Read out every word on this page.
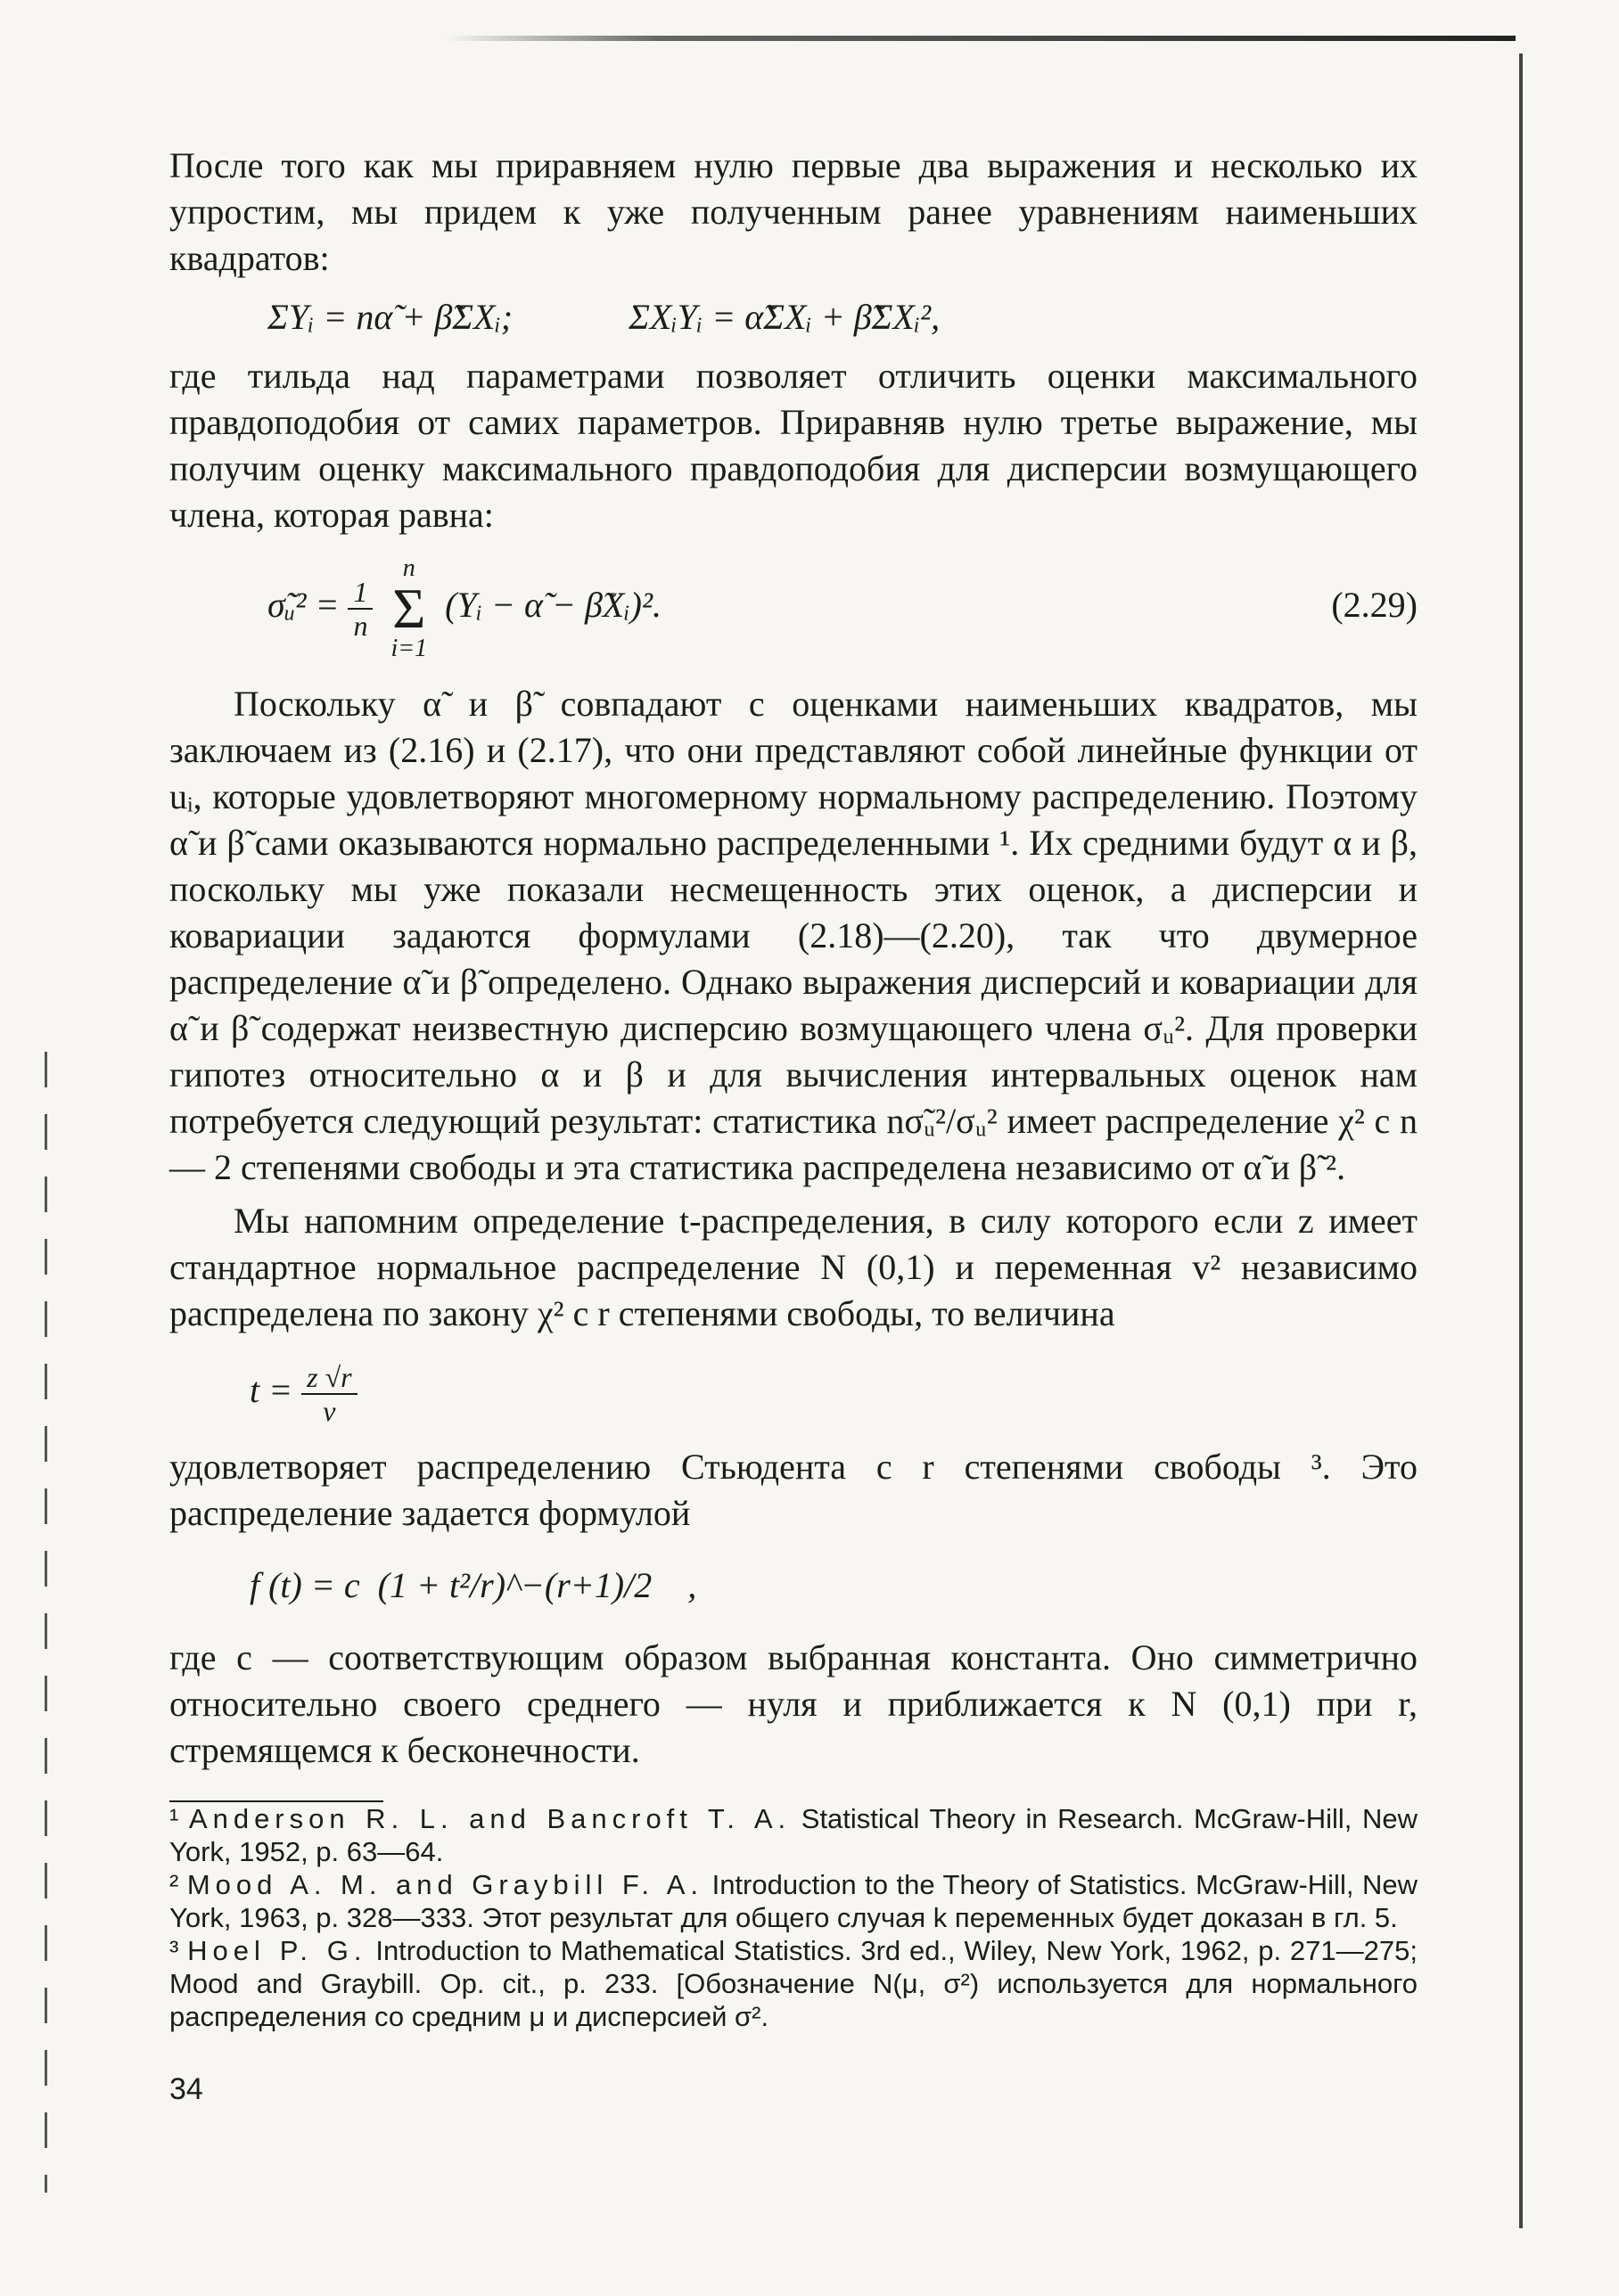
После того как мы приравняем нулю первые два выражения и несколько их упростим, мы придем к уже полученным ранее уравнениям наименьших квадратов:

ΣYᵢ = nα̃ + β̃ΣXᵢ;	ΣXᵢYᵢ = α̃ΣXᵢ + β̃ΣXᵢ²,

где тильда над параметрами позволяет отличить оценки максимального правдоподобия от самих параметров. Приравняв нулю третье выражение, мы получим оценку максимального правдоподобия для дисперсии возмущающего члена, которая равна:

σ̃ᵤ² = $\frac{1}{n}$
n
Σ
i=1 (Yᵢ − α̃ − β̃Xᵢ)².	(2.29)

Поскольку α̃ и β̃ совпадают с оценками наименьших квадратов, мы заключаем из (2.16) и (2.17), что они представляют собой линейные функции от uᵢ, которые удовлетворяют многомерному нормальному распределению. Поэтому α̃ и β̃ сами оказываются нормально распределенными ¹. Их средними будут α и β, поскольку мы уже показали несмещенность этих оценок, а дисперсии и ковариации задаются формулами (2.18)—(2.20), так что двумерное распределение α̃ и β̃ определено. Однако выражения дисперсий и ковариации для α̃ и β̃ содержат неизвестную дисперсию возмущающего члена σᵤ². Для проверки гипотез относительно α и β и для вычисления интервальных оценок нам потребуется следующий результат: статистика nσ̃ᵤ²/σᵤ² имеет распределение χ² с n — 2 степенями свободы и эта статистика распределена независимо от α̃ и β̃ ².

Мы напомним определение t-распределения, в силу которого если z имеет стандартное нормальное распределение N (0,1) и переменная v² независимо распределена по закону χ² с r степенями свободы, то величина

$t = \frac{z √r}{v}$

удовлетворяет распределению Стьюдента с r степенями свободы ³. Это распределение задается формулой

f (t) = c (1 + t²/r)^−(r+1)/2 ,

где c — соответствующим образом выбранная константа. Оно симметрично относительно своего среднего — нуля и приближается к N (0,1) при r, стремящемся к бесконечности.

¹ Anderson R. L. and Bancroft T. A. Statistical Theory in Research. McGraw-Hill, New York, 1952, p. 63—64.

² Mood A. M. and Graybill F. A. Introduction to the Theory of Statistics. McGraw-Hill, New York, 1963, p. 328—333. Этот результат для общего случая k переменных будет доказан в гл. 5.

³ Hoel P. G. Introduction to Mathematical Statistics. 3rd ed., Wiley, New York, 1962, p. 271—275; Mood and Graybill. Op. cit., p. 233. [Обозначение N(μ, σ²) используется для нормального распределения со средним μ и дисперсией σ².

34
